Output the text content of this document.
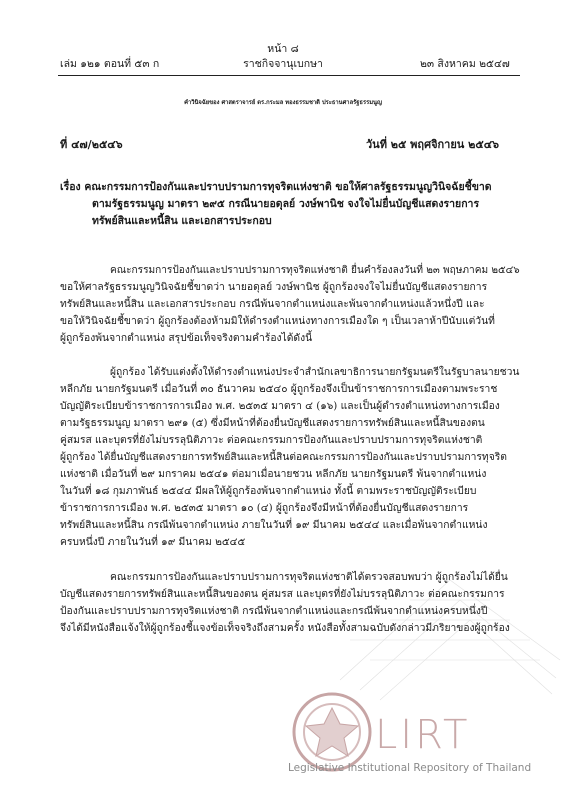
หน้า ๘
เล่ม ๑๒๑ ตอนที่ ๕๓ ก	ราชกิจจานุเบกษา	๒๓ สิงหาคม ๒๕๔๗
คำวินิจฉัยของ ศาสตราจารย์ ดร.กระมล ทองธรรมชาติ ประธานศาลรัฐธรรมนูญ
ที่ ๔๗/๒๕๔๖	วันที่ ๒๕ พฤศจิกายน ๒๕๔๖
เรื่อง คณะกรรมการป้องกันและปราบปรามการทุจริตแห่งชาติ ขอให้ศาลรัฐธรรมนูญวินิจฉัยชี้ขาด
ตามรัฐธรรมนูญ มาตรา ๒๙๕ กรณีนายอดุลย์ วงษ์พานิช จงใจไม่ยื่นบัญชีแสดงรายการ
ทรัพย์สินและหนี้สิน และเอกสารประกอบ
คณะกรรมการป้องกันและปราบปรามการทุจริตแห่งชาติ ยื่นคำร้องลงวันที่ ๒๓ พฤษภาคม ๒๕๔๖
ขอให้ศาลรัฐธรรมนูญวินิจฉัยชี้ขาดว่า นายอดุลย์ วงษ์พานิช ผู้ถูกร้องจงใจไม่ยื่นบัญชีแสดงรายการ
ทรัพย์สินและหนี้สิน และเอกสารประกอบ กรณีพ้นจากตำแหน่งและพ้นจากตำแหน่งแล้วหนึ่งปี และ
ขอให้วินิจฉัยชี้ขาดว่า ผู้ถูกร้องต้องห้ามมิให้ดำรงตำแหน่งทางการเมืองใด ๆ เป็นเวลาห้าปีนับแต่วันที่
ผู้ถูกร้องพ้นจากตำแหน่ง สรุปข้อเท็จจริงตามคำร้องได้ดังนี้
ผู้ถูกร้อง ได้รับแต่งตั้งให้ดำรงตำแหน่งประจำสำนักเลขาธิการนายกรัฐมนตรีในรัฐบาลนายชวน
หลีกภัย นายกรัฐมนตรี เมื่อวันที่ ๓๐ ธันวาคม ๒๕๔๐ ผู้ถูกร้องจึงเป็นข้าราชการการเมืองตามพระราช
บัญญัติระเบียบข้าราชการการเมือง พ.ศ. ๒๕๓๕ มาตรา ๔ (๑๖) และเป็นผู้ดำรงตำแหน่งทางการเมือง
ตามรัฐธรรมนูญ มาตรา ๒๙๑ (๕) ซึ่งมีหน้าที่ต้องยื่นบัญชีแสดงรายการทรัพย์สินและหนี้สินของตน
คู่สมรส และบุตรที่ยังไม่บรรลุนิติภาวะ ต่อคณะกรรมการป้องกันและปราบปรามการทุจริตแห่งชาติ
ผู้ถูกร้อง ได้ยื่นบัญชีแสดงรายการทรัพย์สินและหนี้สินต่อคณะกรรมการป้องกันและปราบปรามการทุจริต
แห่งชาติ เมื่อวันที่ ๒๙ มกราคม ๒๕๔๑ ต่อมาเมื่อนายชวน หลีกภัย นายกรัฐมนตรี พ้นจากตำแหน่ง
ในวันที่ ๑๘ กุมภาพันธ์ ๒๕๔๔ มีผลให้ผู้ถูกร้องพ้นจากตำแหน่ง ทั้งนี้ ตามพระราชบัญญัติระเบียบ
ข้าราชการการเมือง พ.ศ. ๒๕๓๕ มาตรา ๑๐ (๔) ผู้ถูกร้องจึงมีหน้าที่ต้องยื่นบัญชีแสดงรายการ
ทรัพย์สินและหนี้สิน กรณีพ้นจากตำแหน่ง ภายในวันที่ ๑๙ มีนาคม ๒๕๔๔ และเมื่อพ้นจากตำแหน่ง
ครบหนึ่งปี ภายในวันที่ ๑๙ มีนาคม ๒๕๔๕
คณะกรรมการป้องกันและปราบปรามการทุจริตแห่งชาติได้ตรวจสอบพบว่า ผู้ถูกร้องไม่ได้ยื่น
บัญชีแสดงรายการทรัพย์สินและหนี้สินของตน คู่สมรส และบุตรที่ยังไม่บรรลุนิติภาวะ ต่อคณะกรรมการ
ป้องกันและปราบปรามการทุจริตแห่งชาติ กรณีพ้นจากตำแหน่งและกรณีพ้นจากตำแหน่งครบหนึ่งปี
จึงได้มีหนังสือแจ้งให้ผู้ถูกร้องชี้แจงข้อเท็จจริงถึงสามครั้ง หนังสือทั้งสามฉบับดังกล่าวมีภริยาของผู้ถูกร้อง
LIRT
Legislative Institutional Repository of Thailand
